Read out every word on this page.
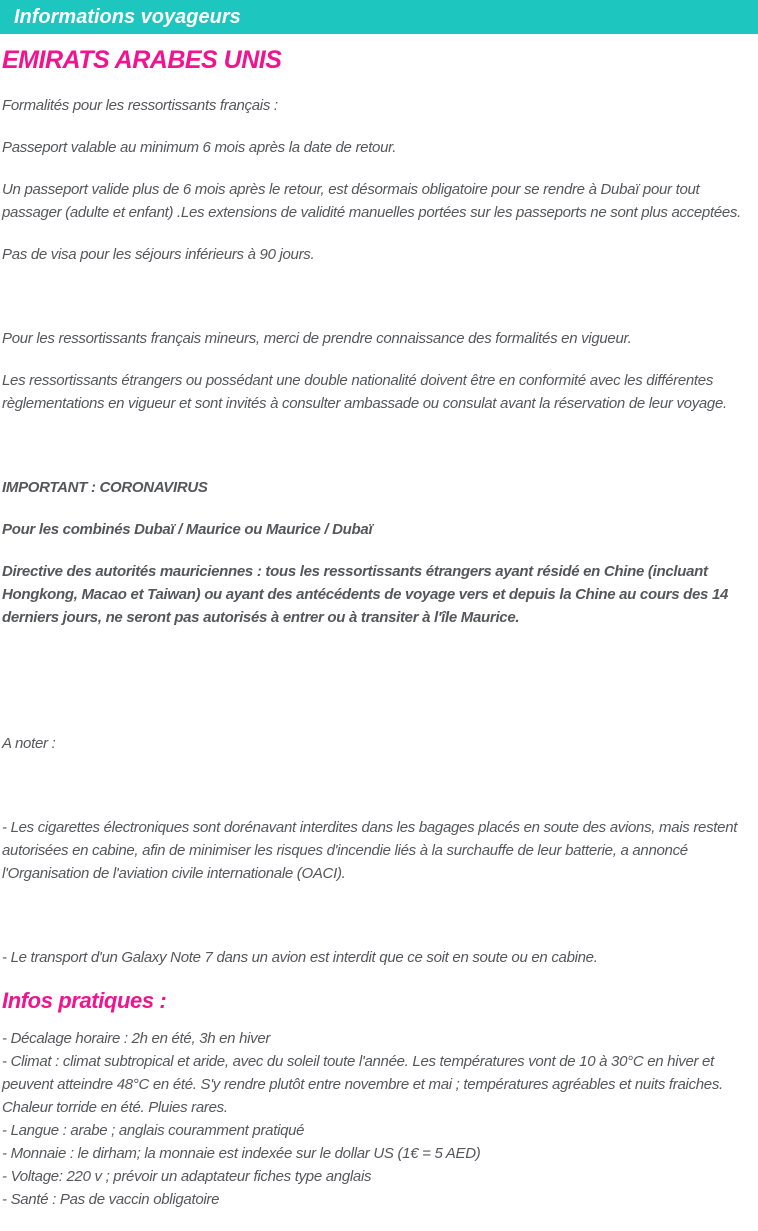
Informations voyageurs
EMIRATS ARABES UNIS

Formalités pour les ressortissants français :

Passeport valable au minimum 6 mois après la date de retour.

Un passeport valide plus de 6 mois après le retour, est désormais obligatoire pour se rendre à Dubaï pour tout passager (adulte et enfant) .Les extensions de validité manuelles portées sur les passeports ne sont plus acceptées.

Pas de visa pour les séjours inférieurs à 90 jours.

Pour les ressortissants français mineurs, merci de prendre connaissance des formalités en vigueur.

Les ressortissants étrangers ou possédant une double nationalité doivent être en conformité avec les différentes règlementations en vigueur et sont invités à consulter ambassade ou consulat avant la réservation de leur voyage.

IMPORTANT : CORONAVIRUS

Pour les combinés Dubaï / Maurice ou Maurice / Dubaï

Directive des autorités mauriciennes : tous les ressortissants étrangers ayant résidé en Chine (incluant Hongkong, Macao et Taiwan) ou ayant des antécédents de voyage vers et depuis la Chine au cours des 14 derniers jours, ne seront pas autorisés à entrer ou à transiter à l'île Maurice.

A noter :

- Les cigarettes électroniques sont dorénavant interdites dans les bagages placés en soute des avions, mais restent autorisées en cabine, afin de minimiser les risques d'incendie liés à la surchauffe de leur batterie, a annoncé l'Organisation de l'aviation civile internationale (OACI).

- Le transport d'un Galaxy Note 7 dans un avion est interdit que ce soit en soute ou en cabine.

Infos pratiques :
- Décalage horaire : 2h en été, 3h en hiver
- Climat : climat subtropical et aride, avec du soleil toute l'année. Les températures vont de 10 à 30°C en hiver et peuvent atteindre 48°C en été. S'y rendre plutôt entre novembre et mai ; températures agréables et nuits fraiches. Chaleur torride en été. Pluies rares.
- Langue : arabe ; anglais couramment pratiqué
- Monnaie : le dirham; la monnaie est indexée sur le dollar US (1€ = 5 AED)
- Voltage: 220 v ; prévoir un adaptateur fiches type anglais
- Santé : Pas de vaccin obligatoire
